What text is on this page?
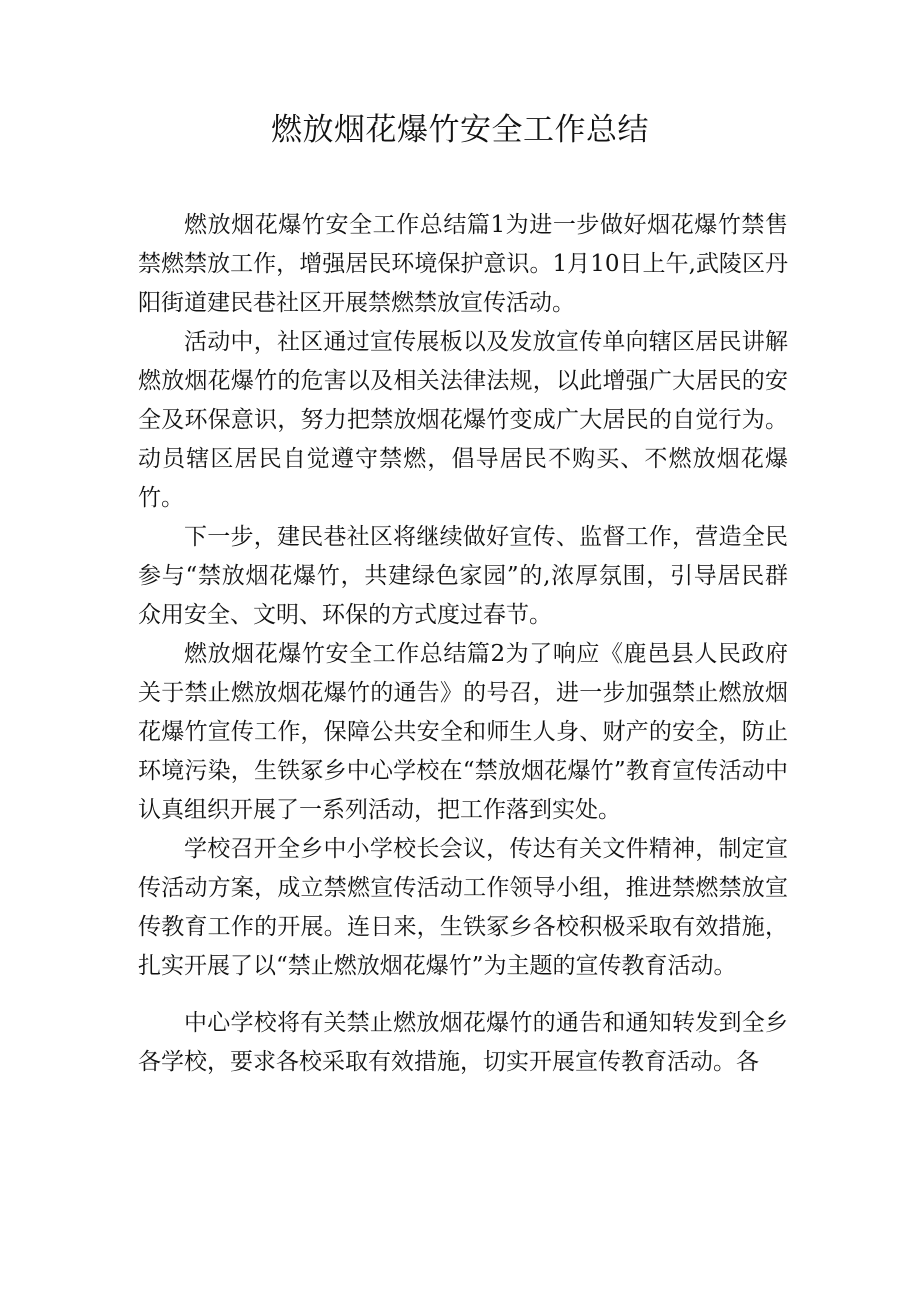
燃放烟花爆竹安全工作总结

燃放烟花爆竹安全工作总结篇1为进一步做好烟花爆竹禁售禁燃禁放工作，增强居民环境保护意识。1月10日上午,武陵区丹阳街道建民巷社区开展禁燃禁放宣传活动。

活动中，社区通过宣传展板以及发放宣传单向辖区居民讲解燃放烟花爆竹的危害以及相关法律法规，以此增强广大居民的安全及环保意识，努力把禁放烟花爆竹变成广大居民的自觉行为。动员辖区居民自觉遵守禁燃，倡导居民不购买、不燃放烟花爆竹。

下一步，建民巷社区将继续做好宣传、监督工作，营造全民参与“禁放烟花爆竹，共建绿色家园”的,浓厚氛围，引导居民群众用安全、文明、环保的方式度过春节。

燃放烟花爆竹安全工作总结篇2为了响应《鹿邑县人民政府关于禁止燃放烟花爆竹的通告》的号召，进一步加强禁止燃放烟花爆竹宣传工作，保障公共安全和师生人身、财产的安全，防止环境污染，生铁冢乡中心学校在“禁放烟花爆竹”教育宣传活动中认真组织开展了一系列活动，把工作落到实处。

学校召开全乡中小学校长会议，传达有关文件精神，制定宣传活动方案，成立禁燃宣传活动工作领导小组，推进禁燃禁放宣传教育工作的开展。连日来，生铁冢乡各校积极采取有效措施，扎实开展了以“禁止燃放烟花爆竹”为主题的宣传教育活动。

中心学校将有关禁止燃放烟花爆竹的通告和通知转发到全乡各学校，要求各校采取有效措施，切实开展宣传教育活动。各
